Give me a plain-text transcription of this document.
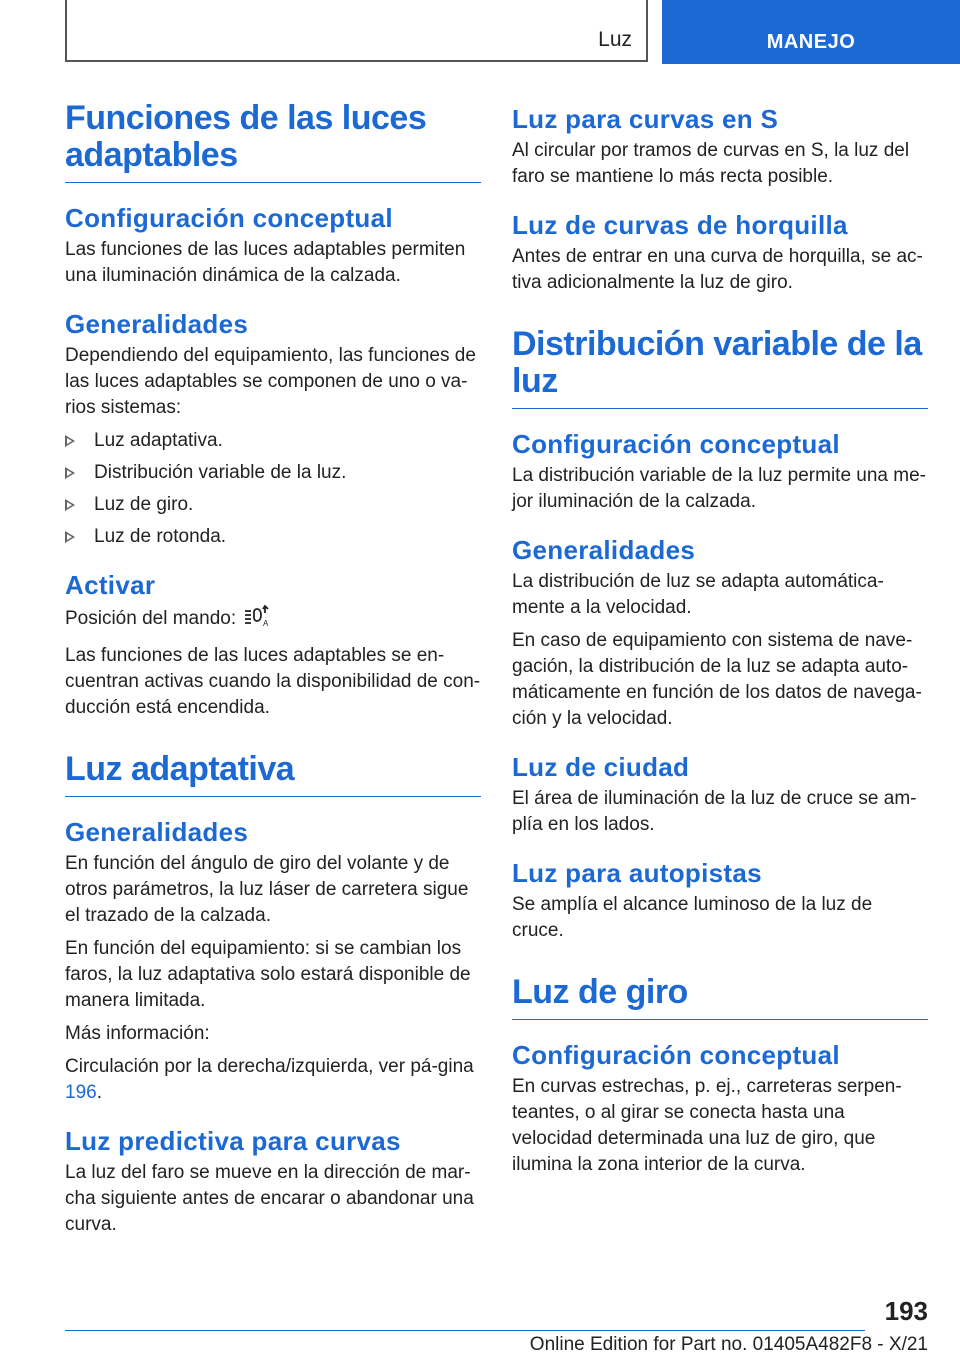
Luz	MANEJO
Funciones de las luces adaptables
Configuración conceptual

Las funciones de las luces adaptables permiten una iluminación dinámica de la calzada.

Generalidades

Dependiendo del equipamiento, las funciones de las luces adaptables se componen de uno o va-rios sistemas:

Luz adaptativa.
Distribución variable de la luz.
Luz de giro.
Luz de rotonda.
Activar

Posición del mando:	A

Las funciones de las luces adaptables se en-cuentran activas cuando la disponibilidad de con-ducción está encendida.

Luz adaptativa
Generalidades

En función del ángulo de giro del volante y de otros parámetros, la luz láser de carretera sigue el trazado de la calzada.

En función del equipamiento: si se cambian los faros, la luz adaptativa solo estará disponible de manera limitada.

Más información:

Circulación por la derecha/izquierda, ver pá-gina 196.

Luz predictiva para curvas

La luz del faro se mueve en la dirección de mar-cha siguiente antes de encarar o abandonar una curva.

Luz para curvas en S

Al circular por tramos de curvas en S, la luz del faro se mantiene lo más recta posible.

Luz de curvas de horquilla

Antes de entrar en una curva de horquilla, se ac-tiva adicionalmente la luz de giro.

Distribución variable de la luz
Configuración conceptual

La distribución variable de la luz permite una me-jor iluminación de la calzada.

Generalidades

La distribución de luz se adapta automática-mente a la velocidad.

En caso de equipamiento con sistema de nave-gación, la distribución de la luz se adapta auto-máticamente en función de los datos de navega-ción y la velocidad.

Luz de ciudad

El área de iluminación de la luz de cruce se am-plía en los lados.

Luz para autopistas

Se amplía el alcance luminoso de la luz de cruce.

Luz de giro
Configuración conceptual

En curvas estrechas, p. ej., carreteras serpen-teantes, o al girar se conecta hasta una velocidad determinada una luz de giro, que ilumina la zona interior de la curva.

193
Online Edition for Part no. 01405A482F8 - X/21
